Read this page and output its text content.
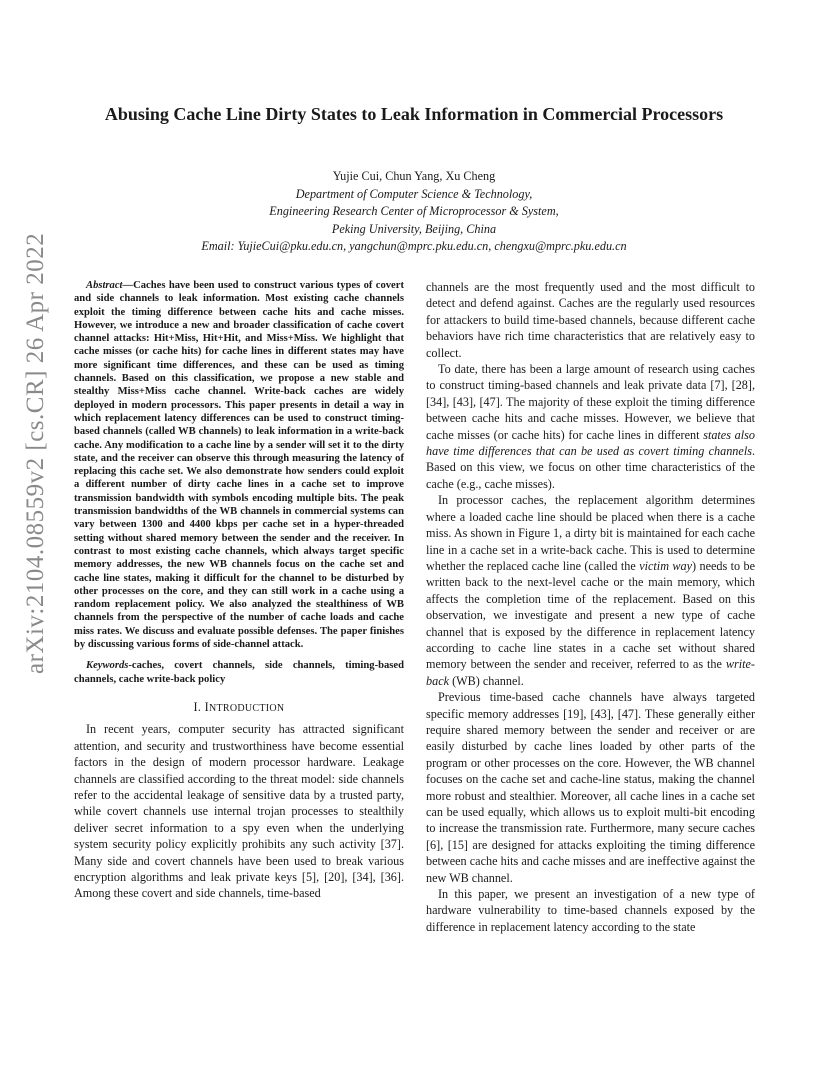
arXiv:2104.08559v2 [cs.CR] 26 Apr 2022
Abusing Cache Line Dirty States to Leak Information in Commercial Processors
Yujie Cui, Chun Yang, Xu Cheng
Department of Computer Science & Technology,
Engineering Research Center of Microprocessor & System,
Peking University, Beijing, China
Email: YujieCui@pku.edu.cn, yangchun@mprc.pku.edu.cn, chengxu@mprc.pku.edu.cn

Abstract—Caches have been used to construct various types of covert and side channels to leak information. Most existing cache channels exploit the timing difference between cache hits and cache misses. However, we introduce a new and broader classification of cache covert channel attacks: Hit+Miss, Hit+Hit, and Miss+Miss. We highlight that cache misses (or cache hits) for cache lines in different states may have more significant time differences, and these can be used as timing channels. Based on this classification, we propose a new stable and stealthy Miss+Miss cache channel. Write-back caches are widely deployed in modern processors. This paper presents in detail a way in which replacement latency differences can be used to construct timing-based channels (called WB channels) to leak information in a write-back cache. Any modification to a cache line by a sender will set it to the dirty state, and the receiver can observe this through measuring the latency of replacing this cache set. We also demonstrate how senders could exploit a different number of dirty cache lines in a cache set to improve transmission bandwidth with symbols encoding multiple bits. The peak transmission bandwidths of the WB channels in commercial systems can vary between 1300 and 4400 kbps per cache set in a hyper-threaded setting without shared memory between the sender and the receiver. In contrast to most existing cache channels, which always target specific memory addresses, the new WB channels focus on the cache set and cache line states, making it difficult for the channel to be disturbed by other processes on the core, and they can still work in a cache using a random replacement policy. We also analyzed the stealthiness of WB channels from the perspective of the number of cache loads and cache miss rates. We discuss and evaluate possible defenses. The paper finishes by discussing various forms of side-channel attack.

Keywords-caches, covert channels, side channels, timing-based channels, cache write-back policy

I. INTRODUCTION

In recent years, computer security has attracted significant attention, and security and trustworthiness have become essential factors in the design of modern processor hardware. Leakage channels are classified according to the threat model: side channels refer to the accidental leakage of sensitive data by a trusted party, while covert channels use internal trojan processes to stealthily deliver secret information to a spy even when the underlying system security policy explicitly prohibits any such activity [37]. Many side and covert channels have been used to break various encryption algorithms and leak private keys [5], [20], [34], [36]. Among these covert and side channels, time-based

channels are the most frequently used and the most difficult to detect and defend against. Caches are the regularly used resources for attackers to build time-based channels, because different cache behaviors have rich time characteristics that are relatively easy to collect.

To date, there has been a large amount of research using caches to construct timing-based channels and leak private data [7], [28], [34], [43], [47]. The majority of these exploit the timing difference between cache hits and cache misses. However, we believe that cache misses (or cache hits) for cache lines in different states also have time differences that can be used as covert timing channels. Based on this view, we focus on other time characteristics of the cache (e.g., cache misses).

In processor caches, the replacement algorithm determines where a loaded cache line should be placed when there is a cache miss. As shown in Figure 1, a dirty bit is maintained for each cache line in a cache set in a write-back cache. This is used to determine whether the replaced cache line (called the victim way) needs to be written back to the next-level cache or the main memory, which affects the completion time of the replacement. Based on this observation, we investigate and present a new type of cache channel that is exposed by the difference in replacement latency according to cache line states in a cache set without shared memory between the sender and receiver, referred to as the write-back (WB) channel.

Previous time-based cache channels have always targeted specific memory addresses [19], [43], [47]. These generally either require shared memory between the sender and receiver or are easily disturbed by cache lines loaded by other parts of the program or other processes on the core. However, the WB channel focuses on the cache set and cache-line status, making the channel more robust and stealthier. Moreover, all cache lines in a cache set can be used equally, which allows us to exploit multi-bit encoding to increase the transmission rate. Furthermore, many secure caches [6], [15] are designed for attacks exploiting the timing difference between cache hits and cache misses and are ineffective against the new WB channel.

In this paper, we present an investigation of a new type of hardware vulnerability to time-based channels exposed by the difference in replacement latency according to the state
